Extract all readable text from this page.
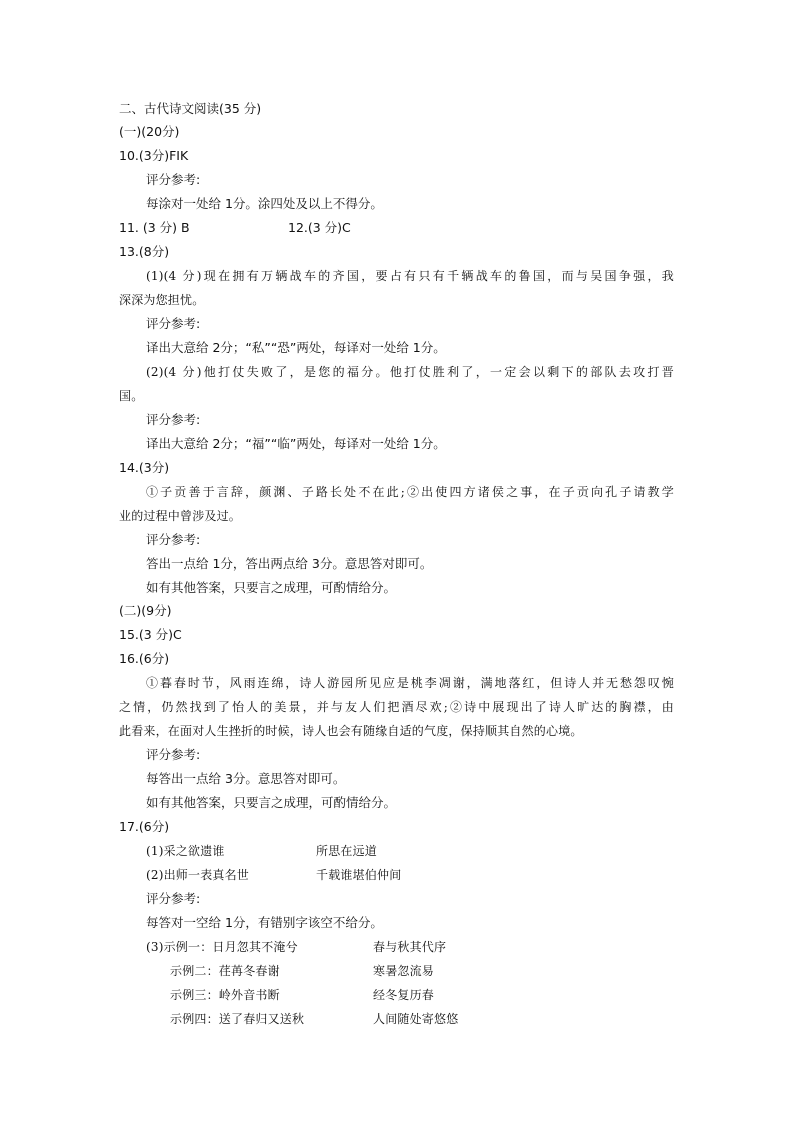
二、古代诗文阅读(35 分)
(一)(20分)
10.(3分)FIK
评分参考:
每涂对一处给 1分。涂四处及以上不得分。
11. (3 分) B	12.(3 分)C
13.(8分)
(1)(4 分)现在拥有万辆战车的齐国，要占有只有千辆战车的鲁国，而与吴国争强，我
深深为您担忧。
评分参考:
译出大意给 2分；“私”“恐”两处，每译对一处给 1分。
(2)(4 分)他打仗失败了，是您的福分。他打仗胜利了，一定会以剩下的部队去攻打晋
国。
评分参考:
译出大意给 2分；“福”“临”两处，每译对一处给 1分。
14.(3分)
①子贡善于言辞，颜渊、子路长处不在此;②出使四方诸侯之事，在子贡向孔子请教学
业的过程中曾涉及过。
评分参考:
答出一点给 1分，答出两点给 3分。意思答对即可。
如有其他答案，只要言之成理，可酌情给分。
(二)(9分)
15.(3 分)C
16.(6分)
①暮春时节，风雨连绵，诗人游园所见应是桃李凋谢，满地落红，但诗人并无愁怨叹惋
之情，仍然找到了怡人的美景，并与友人们把酒尽欢;②诗中展现出了诗人旷达的胸襟，由
此看来，在面对人生挫折的时候，诗人也会有随缘自适的气度，保持顺其自然的心境。
评分参考:
每答出一点给 3分。意思答对即可。
如有其他答案，只要言之成理，可酌情给分。
17.(6分)
(1)采之欲遗谁	所思在远道
(2)出师一表真名世	千载谁堪伯仲间
评分参考:
每答对一空给 1分，有错别字该空不给分。
(3)示例一：日月忽其不淹兮	春与秋其代序
示例二：荏苒冬春谢	寒暑忽流易
示例三：岭外音书断	经冬复历春
示例四：送了春归又送秋	人间随处寄悠悠
